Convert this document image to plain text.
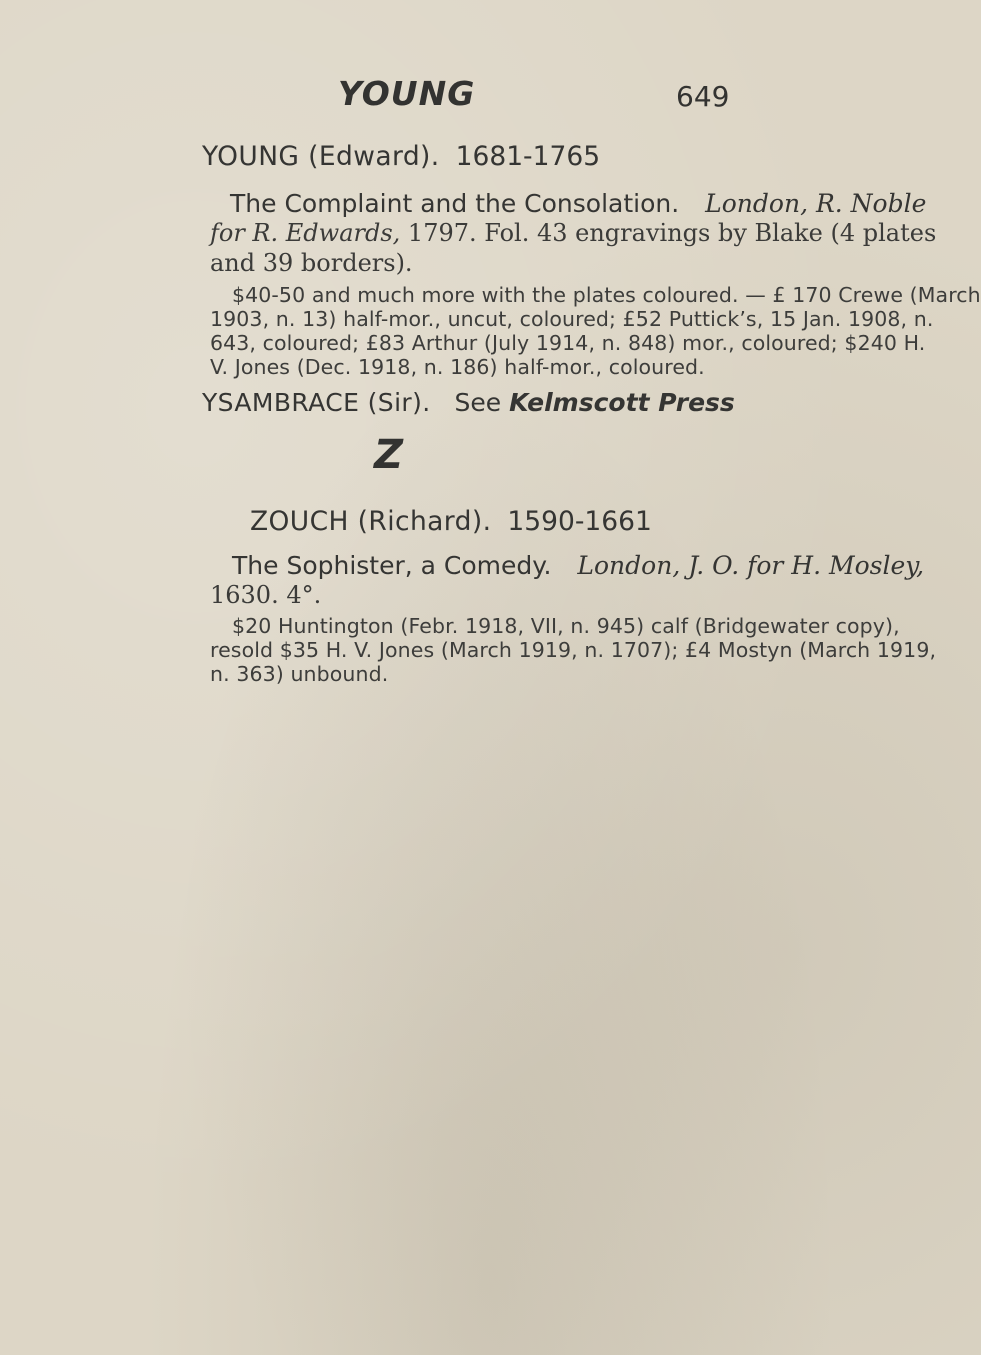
YOUNG	649
YOUNG (Edward). 1681-1765
The Complaint and the Consolation. London, R. Noble
for R. Edwards, 1797. Fol. 43 engravings by Blake (4 plates
and 39 borders).
$40-50 and much more with the plates coloured. — £ 170 Crewe (March
1903, n. 13) half-mor., uncut, coloured; £52 Puttick’s, 15 Jan. 1908, n.
643, coloured; £83 Arthur (July 1914, n. 848) mor., coloured; $240 H.
V. Jones (Dec. 1918, n. 186) half-mor., coloured.
YSAMBRACE (Sir). See Kelmscott Press
Z
ZOUCH (Richard). 1590-1661
The Sophister, a Comedy. London, J. O. for H. Mosley,
1630. 4°.
$20 Huntington (Febr. 1918, VII, n. 945) calf (Bridgewater copy),
resold $35 H. V. Jones (March 1919, n. 1707); £4 Mostyn (March 1919,
n. 363) unbound.
